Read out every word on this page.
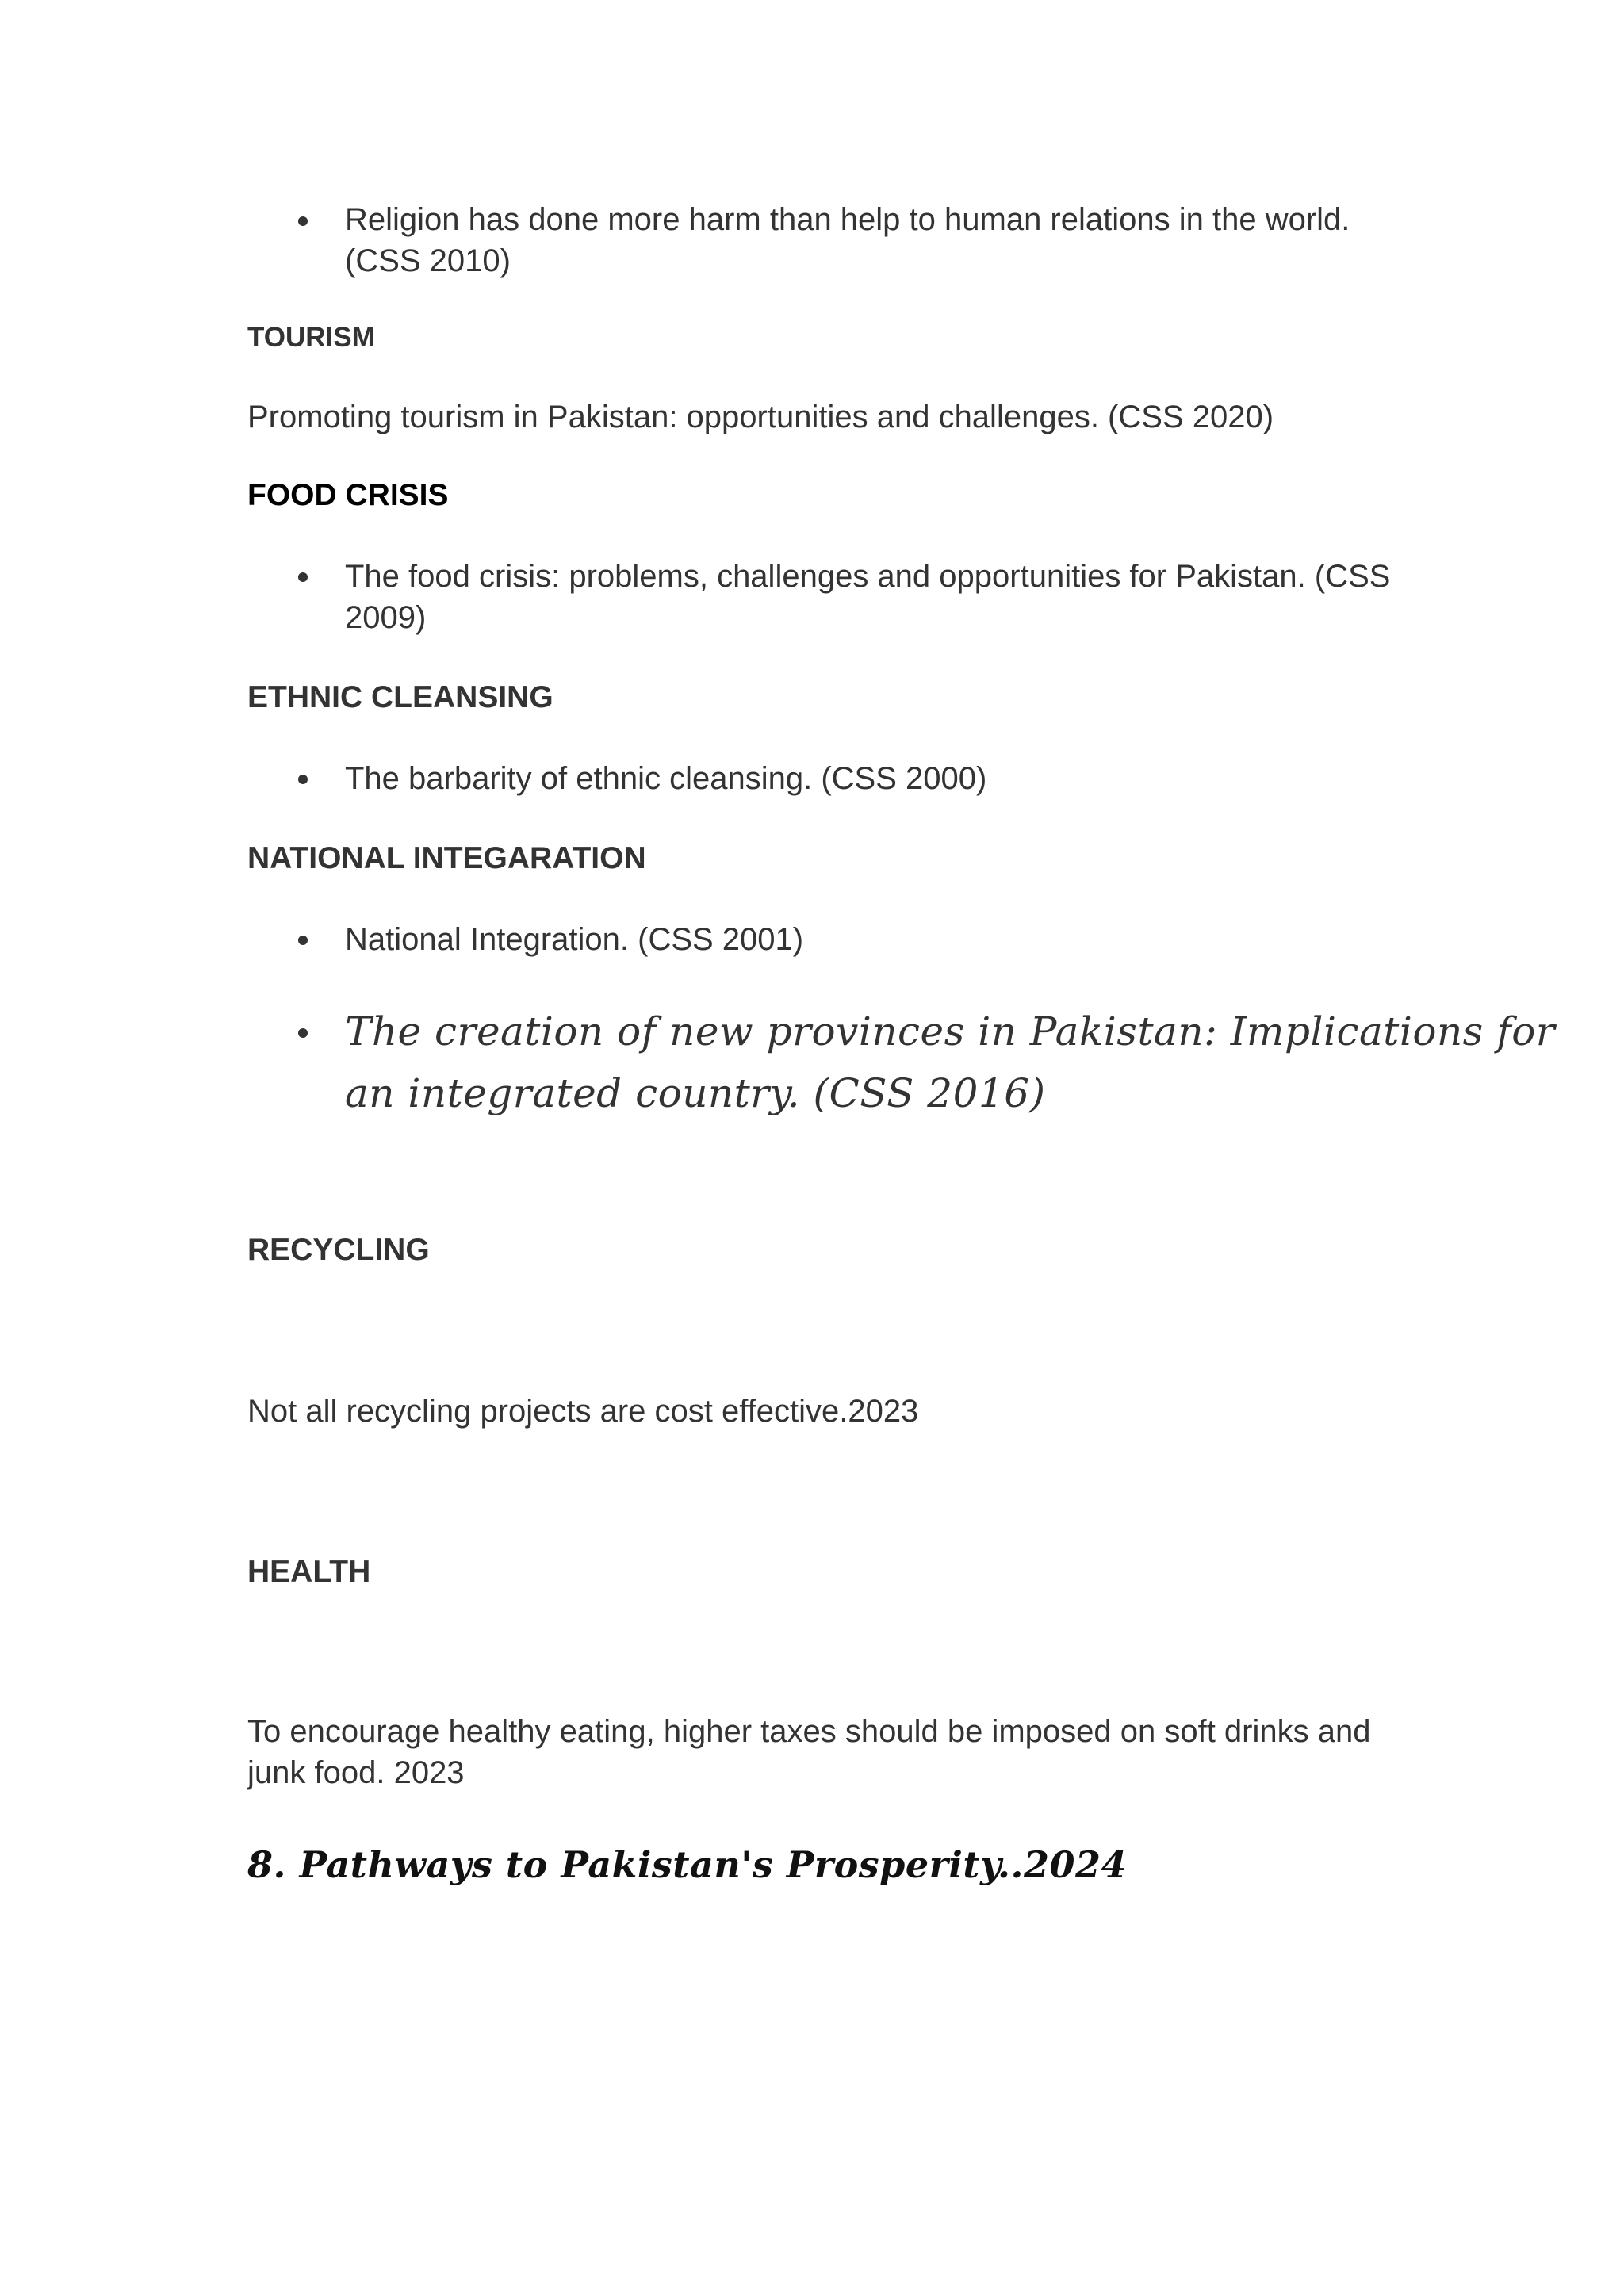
Religion has done more harm than help to human relations in the world.

(CSS 2010)

TOURISM

Promoting tourism in Pakistan: opportunities and challenges. (CSS 2020)

FOOD CRISIS

The food crisis: problems, challenges and opportunities for Pakistan. (CSS

2009)

ETHNIC CLEANSING

The barbarity of ethnic cleansing. (CSS 2000)

NATIONAL INTEGARATION

National Integration. (CSS 2001)

The creation of new provinces in Pakistan: Implications for

an integrated country. (CSS 2016)

RECYCLING

Not all recycling projects are cost effective.2023

HEALTH

To encourage healthy eating, higher taxes should be imposed on soft drinks and

junk food. 2023

8. Pathways to Pakistan's Prosperity..2024
